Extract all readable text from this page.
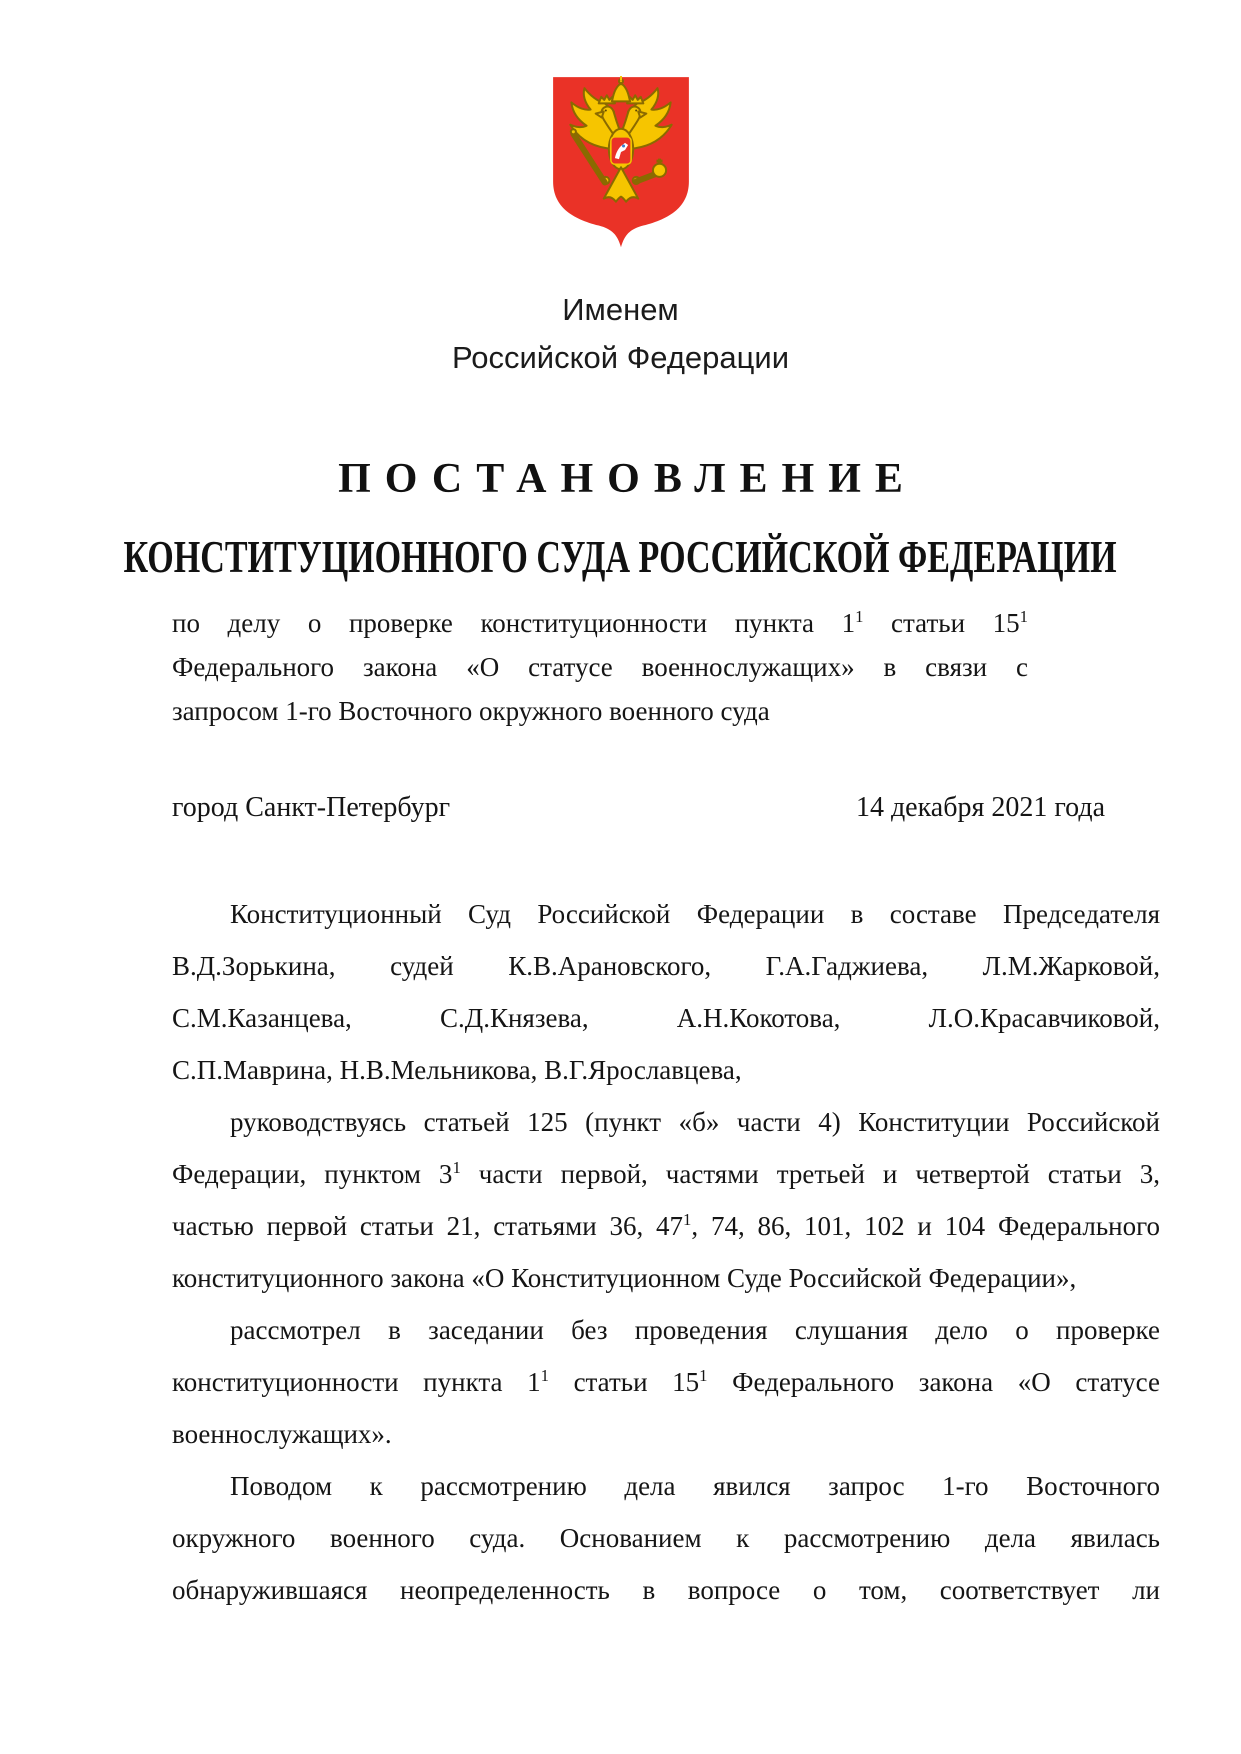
Именем
Российской Федерации
ПОСТАНОВЛЕНИЕ
КОНСТИТУЦИОННОГО СУДА РОССИЙСКОЙ ФЕДЕРАЦИИ
по делу о проверке конституционности пункта $1^1$ статьи $15^1$
Федерального закона «О статусе военнослужащих» в связи с
запросом 1-го Восточного окружного военного суда
город Санкт-Петербург	14 декабря 2021 года
Конституционный Суд Российской Федерации в составе Председателя
В.Д.Зорькина, судей К.В.Арановского, Г.А.Гаджиева, Л.М.Жарковой,
С.М.Казанцева, С.Д.Князева, А.Н.Кокотова, Л.О.Красавчиковой,
С.П.Маврина, Н.В.Мельникова, В.Г.Ярославцева,
руководствуясь статьей 125 (пункт «б» части 4) Конституции Российской
Федерации, пунктом $3^1$ части первой, частями третьей и четвертой статьи 3,
частью первой статьи 21, статьями 36, $47^1$, 74, 86, 101, 102 и 104 Федерального
конституционного закона «О Конституционном Суде Российской Федерации»,
рассмотрел в заседании без проведения слушания дело о проверке
конституционности пункта $1^1$ статьи $15^1$ Федерального закона «О статусе
военнослужащих».
Поводом к рассмотрению дела явился запрос 1-го Восточного
окружного военного суда. Основанием к рассмотрению дела явилась
обнаружившаяся неопределенность в вопросе о том, соответствует ли
